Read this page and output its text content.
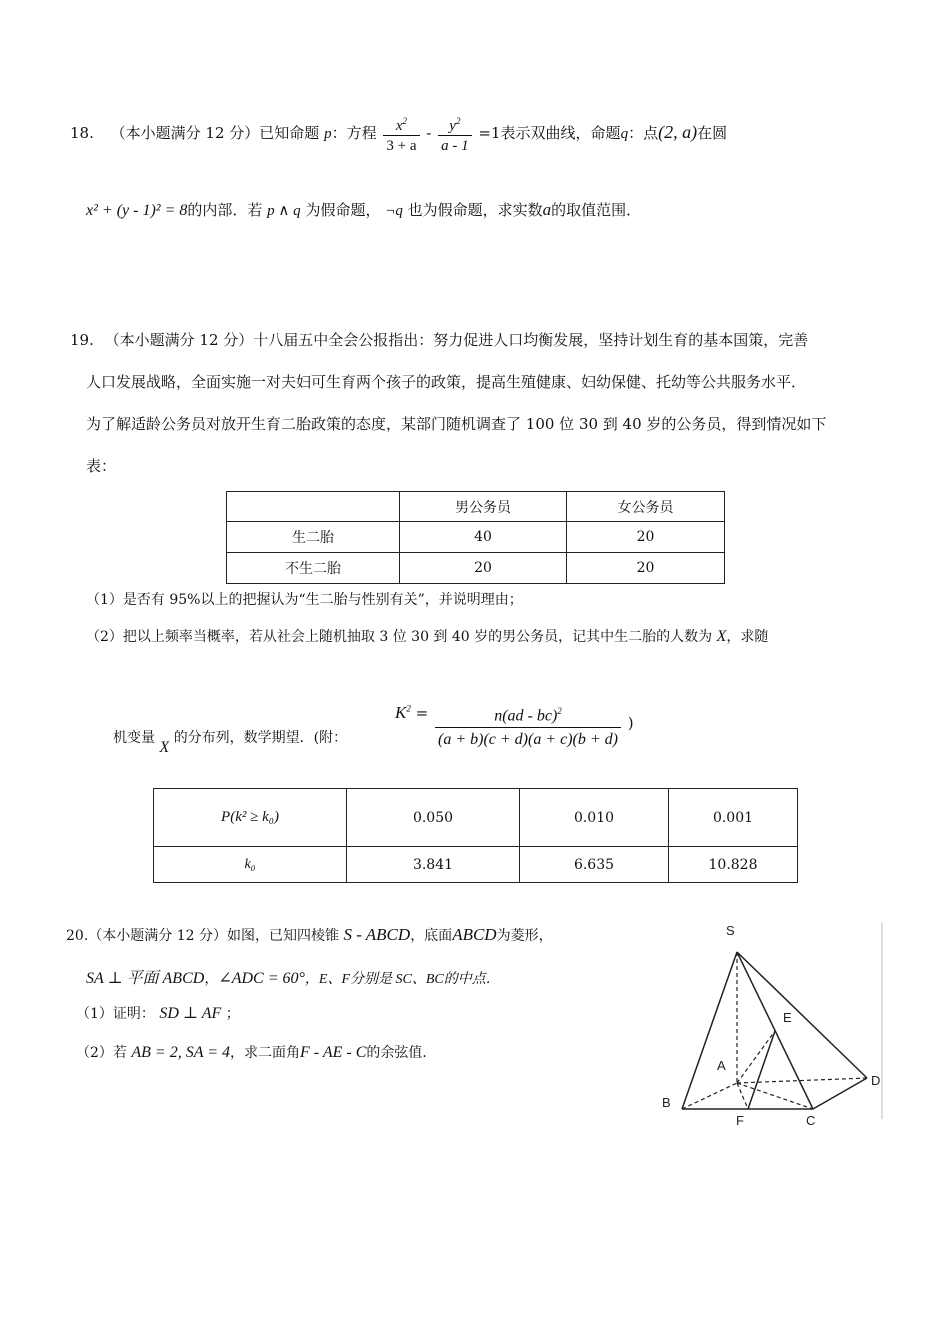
18. （本小题满分 12 分）已知命题 p：方程 $\frac{x^2}{3 + a} - \frac{y^2}{a - 1} =1$表示双曲线，命题q：点(2, a)在圆
x² + (y - 1)² = 8的内部．若 p ∧ q 为假命题， ¬q 也为假命题，求实数a的取值范围．
19. （本小题满分 12 分）十八届五中全会公报指出：努力促进人口均衡发展，坚持计划生育的基本国策，完善
人口发展战略，全面实施一对夫妇可生育两个孩子的政策，提高生殖健康、妇幼保健、托幼等公共服务水平．
为了解适龄公务员对放开生育二胎政策的态度，某部门随机调查了 100 位 30 到 40 岁的公务员，得到情况如下
表：
	男公务员	女公务员
生二胎	40	20
不生二胎	20	20
（1）是否有 95%以上的把握认为“生二胎与性别有关”，并说明理由；
（2）把以上频率当概率，若从社会上随机抽取 3 位 30 到 40 岁的男公务员，记其中生二胎的人数为 X，求随
机变量 X 的分布列，数学期望．(附：
$K^2 = \frac{n(ad - bc)^2}{(a + b)(c + d)(a + c)(b + d)}$ )
P(k² ≥ k₀)	0.050	0.010	0.001
k₀	3.841	6.635	10.828
20.（本小题满分 12 分）如图，已知四棱锥 S - ABCD，底面ABCD为菱形，
SA ⊥ 平面 ABCD，∠ADC = 60°，E、F分别是 SC、BC的中点．
（1）证明： SD ⊥ AF ；
（2）若 AB = 2, SA = 4，求二面角F - AE - C的余弦值．
S
E
A
D
B
F	C
